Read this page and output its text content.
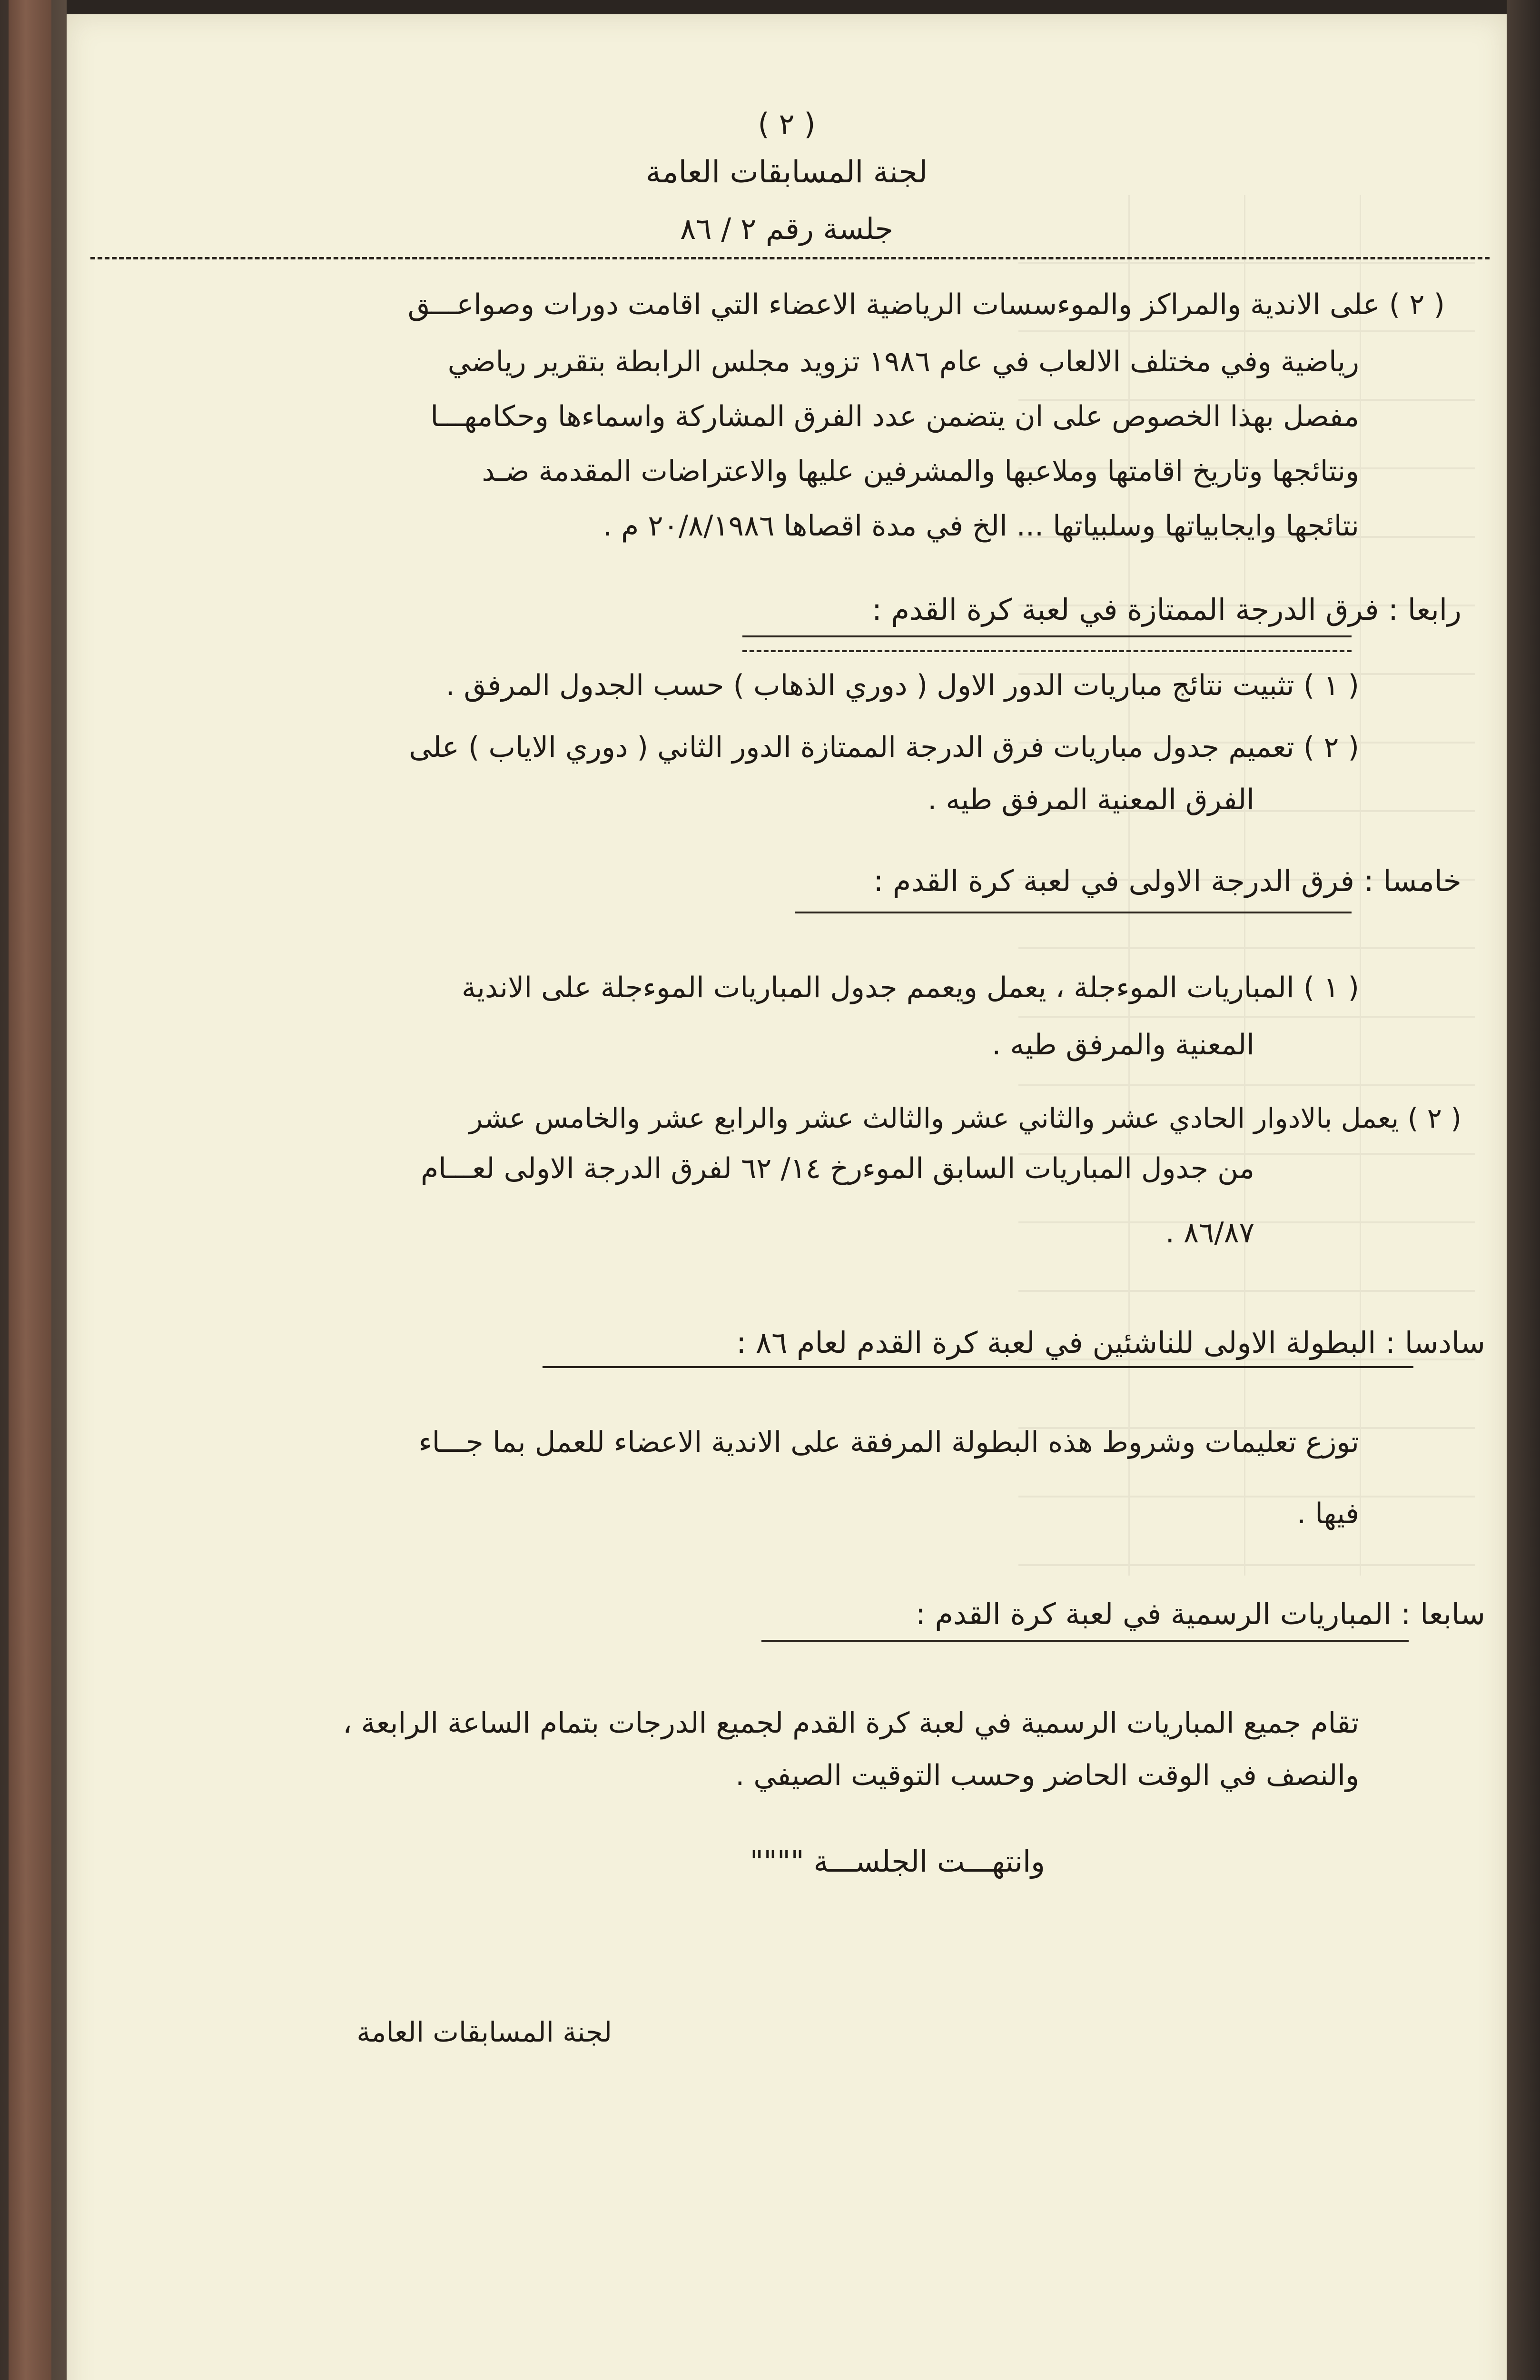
( ٢ )
لجنة المسابقات العامة
جلسة رقم ٢ / ٨٦
( ٢ ) على الاندية والمراكز والموءسسات الرياضية الاعضاء التي اقامت دورات وصواعـــق
رياضية وفي مختلف الالعاب في عام ١٩٨٦ تزويد مجلس الرابطة بتقرير رياضي
مفصل بهذا الخصوص على ان يتضمن عدد الفرق المشاركة واسماءها وحكامهـــا
ونتائجها وتاريخ اقامتها وملاعبها والمشرفين عليها والاعتراضات المقدمة ضـد
نتائجها وايجابياتها وسلبياتها ... الخ في مدة اقصاها ٢٠/٨/١٩٨٦ م .
رابعا : فرق الدرجة الممتازة في لعبة كرة القدم :
( ١ ) تثبيت نتائج مباريات الدور الاول ( دوري الذهاب ) حسب الجدول المرفق .
( ٢ ) تعميم جدول مباريات فرق الدرجة الممتازة الدور الثاني ( دوري الاياب ) على
الفرق المعنية المرفق طيه .
خامسا : فرق الدرجة الاولى في لعبة كرة القدم :
( ١ ) المباريات الموءجلة ، يعمل ويعمم جدول المباريات الموءجلة على الاندية
المعنية والمرفق طيه .
( ٢ ) يعمل بالادوار الحادي عشر والثاني عشر والثالث عشر والرابع عشر والخامس عشر
من جدول المباريات السابق الموءرخ ١٤/ ٦٢ لفرق الدرجة الاولى لعـــام
٨٦/٨٧ .
سادسا : البطولة الاولى للناشئين في لعبة كرة القدم لعام ٨٦ :
توزع تعليمات وشروط هذه البطولة المرفقة على الاندية الاعضاء للعمل بما جـــاء
فيها .
سابعا : المباريات الرسمية في لعبة كرة القدم :
تقام جميع المباريات الرسمية في لعبة كرة القدم لجميع الدرجات بتمام الساعة الرابعة ،
والنصف في الوقت الحاضر وحسب التوقيت الصيفي .
وانتهـــت الجلســـة """"
لجنة المسابقات العامة
